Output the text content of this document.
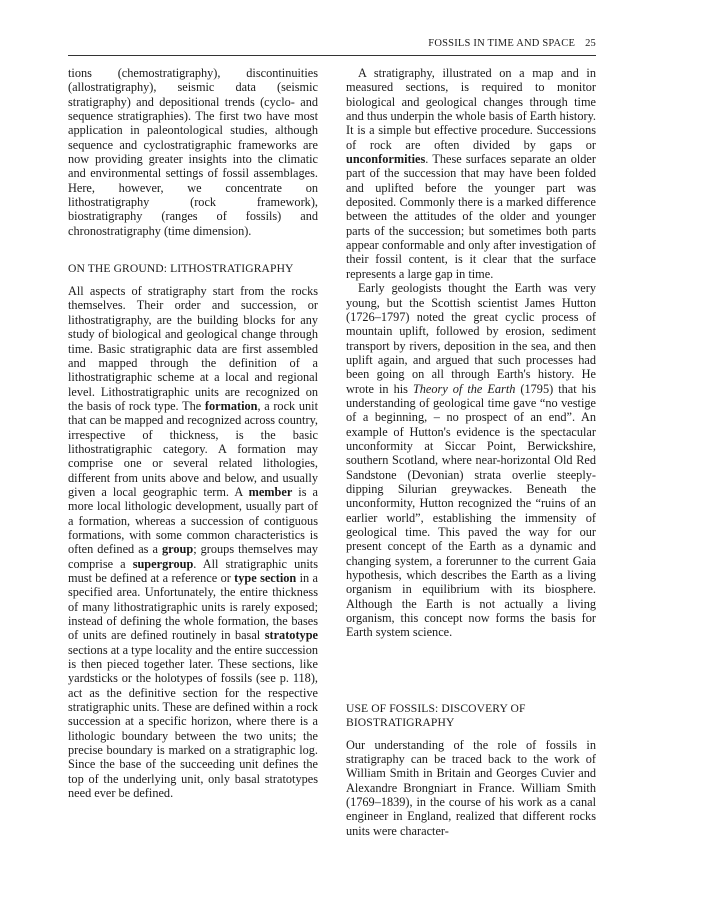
FOSSILS IN TIME AND SPACE 25

tions (chemostratigraphy), discontinuities (allostratigraphy), seismic data (seismic stratigraphy) and depositional trends (cyclo- and sequence stratigraphies). The first two have most application in paleontological studies, although sequence and cyclostratigraphic frameworks are now providing greater insights into the climatic and environmental settings of fossil assemblages. Here, however, we concentrate on lithostratigraphy (rock framework), biostratigraphy (ranges of fossils) and chronostratigraphy (time dimension).

ON THE GROUND: LITHOSTRATIGRAPHY

All aspects of stratigraphy start from the rocks themselves. Their order and succession, or lithostratigraphy, are the building blocks for any study of biological and geological change through time. Basic stratigraphic data are first assembled and mapped through the definition of a lithostratigraphic scheme at a local and regional level. Lithostratigraphic units are recognized on the basis of rock type. The formation, a rock unit that can be mapped and recognized across country, irrespective of thickness, is the basic lithostratigraphic category. A formation may comprise one or several related lithologies, different from units above and below, and usually given a local geographic term. A member is a more local lithologic development, usually part of a formation, whereas a succession of contiguous formations, with some common characteristics is often defined as a group; groups themselves may comprise a supergroup. All stratigraphic units must be defined at a reference or type section in a specified area. Unfortunately, the entire thickness of many lithostratigraphic units is rarely exposed; instead of defining the whole formation, the bases of units are defined routinely in basal stratotype sections at a type locality and the entire succession is then pieced together later. These sections, like yardsticks or the holotypes of fossils (see p. 118), act as the definitive section for the respective stratigraphic units. These are defined within a rock succession at a specific horizon, where there is a lithologic boundary between the two units; the precise boundary is marked on a stratigraphic log. Since the base of the succeeding unit defines the top of the underlying unit, only basal stratotypes need ever be defined.

A stratigraphy, illustrated on a map and in measured sections, is required to monitor biological and geological changes through time and thus underpin the whole basis of Earth history. It is a simple but effective procedure. Successions of rock are often divided by gaps or unconformities. These surfaces separate an older part of the succession that may have been folded and uplifted before the younger part was deposited. Commonly there is a marked difference between the attitudes of the older and younger parts of the succession; but sometimes both parts appear conformable and only after investigation of their fossil content, is it clear that the surface represents a large gap in time.

Early geologists thought the Earth was very young, but the Scottish scientist James Hutton (1726–1797) noted the great cyclic process of mountain uplift, followed by erosion, sediment transport by rivers, deposition in the sea, and then uplift again, and argued that such processes had been going on all through Earth's history. He wrote in his Theory of the Earth (1795) that his understanding of geological time gave “no vestige of a beginning, – no prospect of an end”. An example of Hutton's evidence is the spectacular unconformity at Siccar Point, Berwickshire, southern Scotland, where near-horizontal Old Red Sandstone (Devonian) strata overlie steeply-dipping Silurian greywackes. Beneath the unconformity, Hutton recognized the “ruins of an earlier world”, establishing the immensity of geological time. This paved the way for our present concept of the Earth as a dynamic and changing system, a forerunner to the current Gaia hypothesis, which describes the Earth as a living organism in equilibrium with its biosphere. Although the Earth is not actually a living organism, this concept now forms the basis for Earth system science.

USE OF FOSSILS: DISCOVERY OF
BIOSTRATIGRAPHY

Our understanding of the role of fossils in stratigraphy can be traced back to the work of William Smith in Britain and Georges Cuvier and Alexandre Brongniart in France. William Smith (1769–1839), in the course of his work as a canal engineer in England, realized that different rocks units were character-
